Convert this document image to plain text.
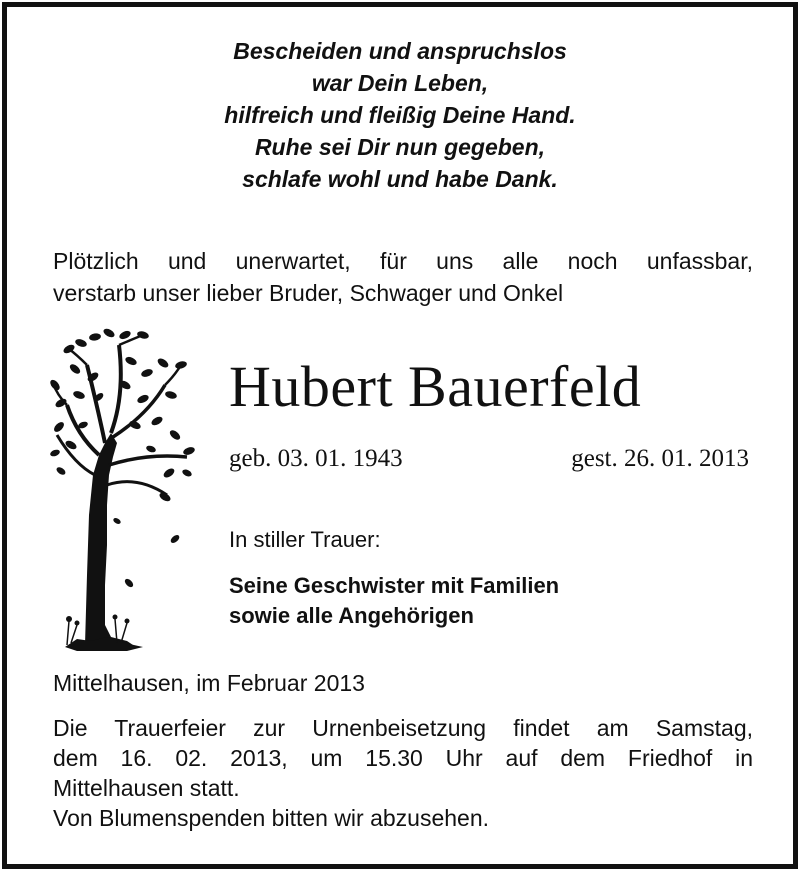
Bescheiden und anspruchslos
war Dein Leben,
hilfreich und fleißig Deine Hand.
Ruhe sei Dir nun gegeben,
schlafe wohl und habe Dank.
Plötzlich und unerwartet, für uns alle noch unfassbar,
verstarb unser lieber Bruder, Schwager und Onkel
Hubert Bauerfeld
geb. 03. 01. 1943	gest. 26. 01. 2013
In stiller Trauer:
Seine Geschwister mit Familien
sowie alle Angehörigen
Mittelhausen, im Februar 2013
Die Trauerfeier zur Urnenbeisetzung findet am Samstag,
dem 16. 02. 2013, um 15.30 Uhr auf dem Friedhof in
Mittelhausen statt.
Von Blumenspenden bitten wir abzusehen.
